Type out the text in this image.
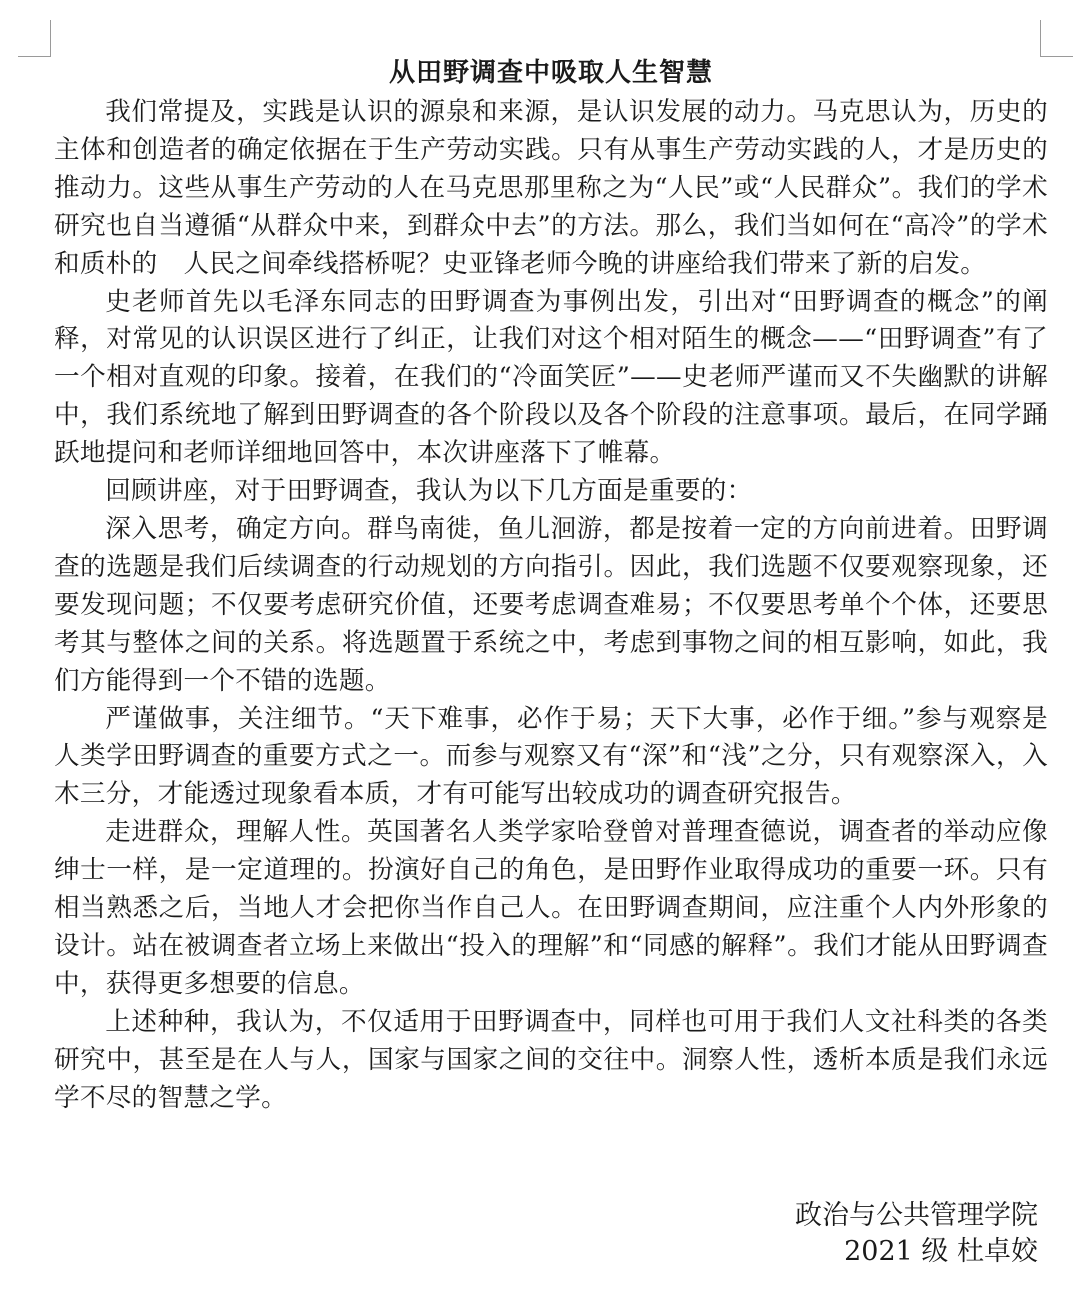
从田野调查中吸取人生智慧

我们常提及，实践是认识的源泉和来源，是认识发展的动力。马克思认为，历史的主体和创造者的确定依据在于生产劳动实践。只有从事生产劳动实践的人，才是历史的推动力。这些从事生产劳动的人在马克思那里称之为“人民”或“人民群众”。我们的学术研究也自当遵循“从群众中来，到群众中去”的方法。那么，我们当如何在“高冷”的学术和质朴的　人民之间牵线搭桥呢？史亚锋老师今晚的讲座给我们带来了新的启发。

史老师首先以毛泽东同志的田野调查为事例出发，引出对“田野调查的概念”的阐释，对常见的认识误区进行了纠正，让我们对这个相对陌生的概念——“田野调查”有了一个相对直观的印象。接着，在我们的“冷面笑匠”——史老师严谨而又不失幽默的讲解中，我们系统地了解到田野调查的各个阶段以及各个阶段的注意事项。最后，在同学踊跃地提问和老师详细地回答中，本次讲座落下了帷幕。

回顾讲座，对于田野调查，我认为以下几方面是重要的：

深入思考，确定方向。群鸟南徙，鱼儿洄游，都是按着一定的方向前进着。田野调查的选题是我们后续调查的行动规划的方向指引。因此，我们选题不仅要观察现象，还要发现问题；不仅要考虑研究价值，还要考虑调查难易；不仅要思考单个个体，还要思考其与整体之间的关系。将选题置于系统之中，考虑到事物之间的相互影响，如此，我们方能得到一个不错的选题。

严谨做事，关注细节。“天下难事，必作于易；天下大事，必作于细。”参与观察是人类学田野调查的重要方式之一。而参与观察又有“深”和“浅”之分，只有观察深入，入木三分，才能透过现象看本质，才有可能写出较成功的调查研究报告。

走进群众，理解人性。英国著名人类学家哈登曾对普理查德说，调查者的举动应像绅士一样，是一定道理的。扮演好自己的角色，是田野作业取得成功的重要一环。只有相当熟悉之后，当地人才会把你当作自己人。在田野调查期间，应注重个人内外形象的设计。站在被调查者立场上来做出“投入的理解”和“同感的解释”。我们才能从田野调查中，获得更多想要的信息。

上述种种，我认为，不仅适用于田野调查中，同样也可用于我们人文社科类的各类研究中，甚至是在人与人，国家与国家之间的交往中。洞察人性，透析本质是我们永远学不尽的智慧之学。

政治与公共管理学院
2021 级 杜卓姣
